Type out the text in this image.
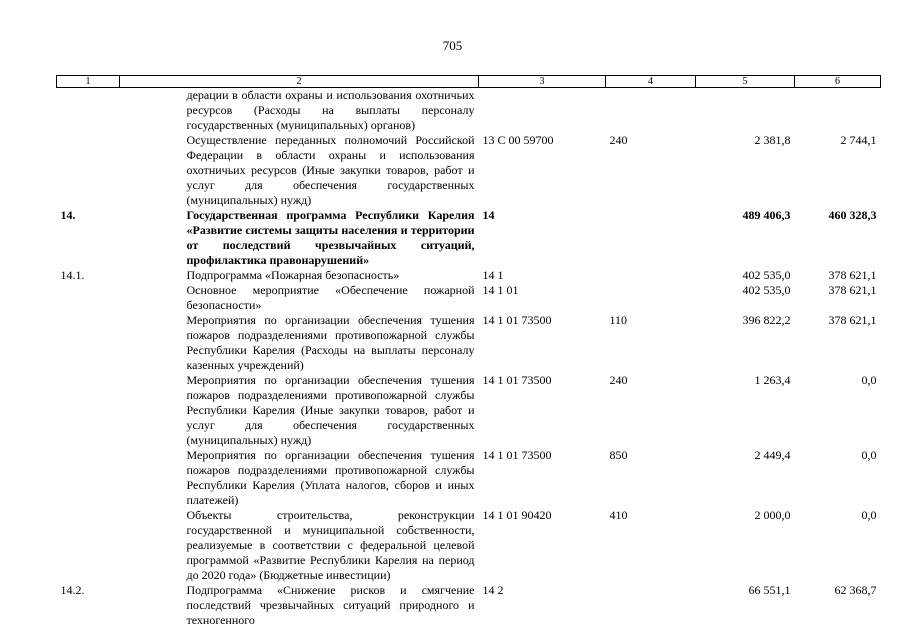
705
1	2	3	4	5	6
	дерации в области охраны и использования охотничьих ресурсов (Расходы на выплаты персоналу государственных (муниципальных) органов)				
	Осуществление переданных полномочий Российской Федерации в области охраны и использования охотничьих ресурсов (Иные закупки товаров, работ и услуг для обеспечения государственных (муниципальных) нужд)	13 С 00 59700	240	2 381,8	2 744,1
14.	Государственная программа Республики Карелия «Развитие системы защиты населения и территории от последствий чрезвычайных ситуаций, профилактика правонарушений»	14		489 406,3	460 328,3
14.1.	Подпрограмма «Пожарная безопасность»	14 1		402 535,0	378 621,1
	Основное мероприятие «Обеспечение пожарной безопасности»	14 1 01		402 535,0	378 621,1
	Мероприятия по организации обеспечения тушения пожаров подразделениями противопожарной службы Республики Карелия (Расходы на выплаты персоналу казенных учреждений)	14 1 01 73500	110	396 822,2	378 621,1
	Мероприятия по организации обеспечения тушения пожаров подразделениями противопожарной службы Республики Карелия (Иные закупки товаров, работ и услуг для обеспечения государственных (муниципальных) нужд)	14 1 01 73500	240	1 263,4	0,0
	Мероприятия по организации обеспечения тушения пожаров подразделениями противопожарной службы Республики Карелия (Уплата налогов, сборов и иных платежей)	14 1 01 73500	850	2 449,4	0,0
	Объекты строительства, реконструкции государственной и муниципальной собственности, реализуемые в соответствии с федеральной целевой программой «Развитие Республики Карелия на период до 2020 года» (Бюджетные инвестиции)	14 1 01 90420	410	2 000,0	0,0
14.2.	Подпрограмма «Снижение рисков и смягчение последствий чрезвычайных ситуаций природного и техногенного	14 2		66 551,1	62 368,7
